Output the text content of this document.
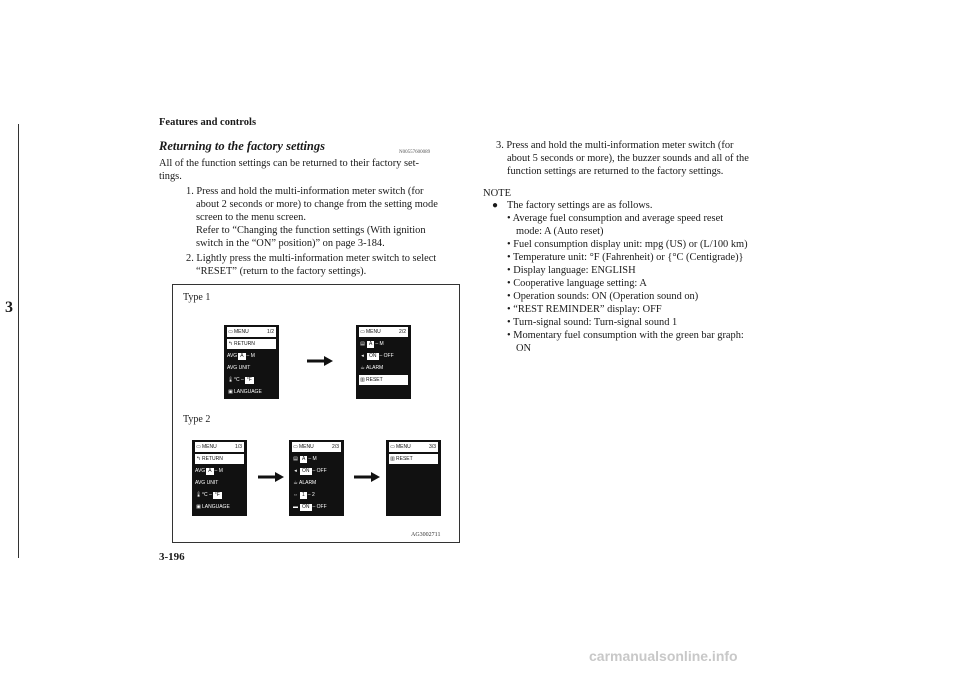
Features and controls
3
Returning to the factory settings	N00557600089
All of the function settings can be returned to their factory set-
tings.
1. Press and hold the multi-information meter switch (for
about 2 seconds or more) to change from the setting mode
screen to the menu screen.
Refer to “Changing the function settings (With ignition
switch in the “ON” position)” on page 3-184.
2. Lightly press the multi-information meter switch to select
“RESET” (return to the factory settings).
Type 1
Type 2
AG3002711
▭MENU	1/2
↰RETURN
AVG A – M
AVG UNIT
🌡°C – °F
▣LANGUAGE
▭MENU	2/2
▤ A – M
◂ ON – OFF
☕ALARM
▥RESET
▭MENU	1/3
↰RETURN
AVG A – M
AVG UNIT
🌡°C – °F
▣LANGUAGE
▭MENU	2/3
▤ A – M
◂ ON – OFF
☕ALARM
⇔ 1 – 2
▬ ON – OFF
▭MENU	3/3
▥RESET
3. Press and hold the multi-information meter switch (for
about 5 seconds or more), the buzzer sounds and all of the
function settings are returned to the factory settings.
NOTE
● The factory settings are as follows.
• Average fuel consumption and average speed reset
mode: A (Auto reset)
• Fuel consumption display unit: mpg (US) or (L/100 km)
• Temperature unit: °F (Fahrenheit) or {°C (Centigrade)}
• Display language: ENGLISH
• Cooperative language setting: A
• Operation sounds: ON (Operation sound on)
• “REST REMINDER” display: OFF
• Turn-signal sound: Turn-signal sound 1
• Momentary fuel consumption with the green bar graph:
ON
3-196
carmanualsonline.info
